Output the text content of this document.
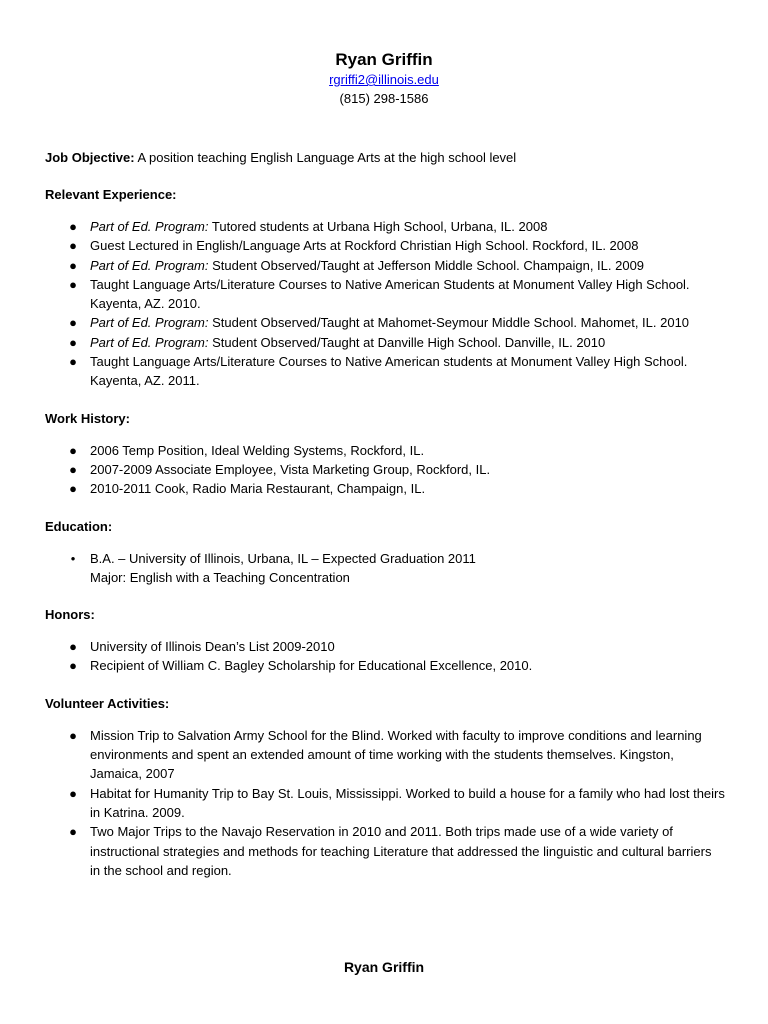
Ryan Griffin
rgriffi2@illinois.edu
(815) 298-1586

Job Objective: A position teaching English Language Arts at the high school level

Relevant Experience:

● Part of Ed. Program: Tutored students at Urbana High School, Urbana, IL. 2008
● Guest Lectured in English/Language Arts at Rockford Christian High School. Rockford, IL. 2008
● Part of Ed. Program: Student Observed/Taught at Jefferson Middle School. Champaign, IL. 2009
● Taught Language Arts/Literature Courses to Native American Students at Monument Valley High School. Kayenta, AZ. 2010.
● Part of Ed. Program: Student Observed/Taught at Mahomet-Seymour Middle School. Mahomet, IL. 2010
● Part of Ed. Program: Student Observed/Taught at Danville High School. Danville, IL. 2010
● Taught Language Arts/Literature Courses to Native American students at Monument Valley High School. Kayenta, AZ. 2011.

Work History:

● 2006 Temp Position, Ideal Welding Systems, Rockford, IL.
● 2007-2009 Associate Employee, Vista Marketing Group, Rockford, IL.
● 2010-2011 Cook, Radio Maria Restaurant, Champaign, IL.

Education:

• B.A. – University of Illinois, Urbana, IL – Expected Graduation 2011
Major: English with a Teaching Concentration

Honors:

● University of Illinois Dean’s List 2009-2010
● Recipient of William C. Bagley Scholarship for Educational Excellence, 2010.

Volunteer Activities:

● Mission Trip to Salvation Army School for the Blind. Worked with faculty to improve conditions and learning environments and spent an extended amount of time working with the students themselves. Kingston, Jamaica, 2007
● Habitat for Humanity Trip to Bay St. Louis, Mississippi. Worked to build a house for a family who had lost theirs in Katrina. 2009.
● Two Major Trips to the Navajo Reservation in 2010 and 2011. Both trips made use of a wide variety of instructional strategies and methods for teaching Literature that addressed the linguistic and cultural barriers in the school and region.
Ryan Griffin
